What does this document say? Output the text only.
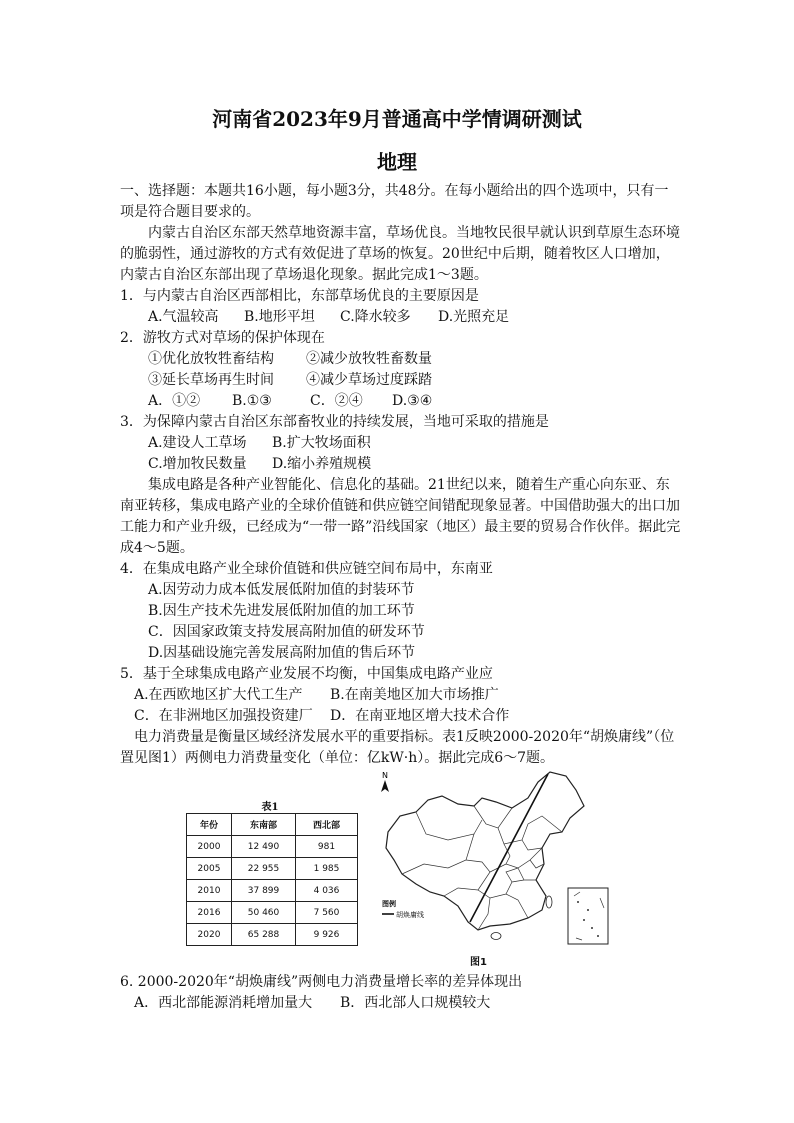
河南省2023年9月普通高中学情调研测试
地理
一、选择题：本题共16小题，每小题3分，共48分。在每小题给出的四个选项中，只有一
项是符合题目要求的。
内蒙古自治区东部天然草地资源丰富，草场优良。当地牧民很早就认识到草原生态环境
的脆弱性，通过游牧的方式有效促进了草场的恢复。20世纪中后期，随着牧区人口增加，
内蒙古自治区东部出现了草场退化现象。据此完成1～3题。
1．与内蒙古自治区西部相比，东部草场优良的主要原因是
A.气温较高 B.地形平坦 C.降水较多 D.光照充足
2．游牧方式对草场的保护体现在
①优化放牧牲畜结构 ②减少放牧牲畜数量
③延长草场再生时间 ④减少草场过度踩踏
A．①② B.①③	C．②④ D.③④
3．为保障内蒙古自治区东部畜牧业的持续发展，当地可采取的措施是
A.建设人工草场 B.扩大牧场面积
C.增加牧民数量 D.缩小养殖规模
集成电路是各种产业智能化、信息化的基础。21世纪以来，随着生产重心向东亚、东
南亚转移，集成电路产业的全球价值链和供应链空间错配现象显著。中国借助强大的出口加
工能力和产业升级，已经成为“一带一路”沿线国家（地区）最主要的贸易合作伙伴。据此完
成4～5题。
4．在集成电路产业全球价值链和供应链空间布局中，东南亚
A.因劳动力成本低发展低附加值的封装环节
B.因生产技术先进发展低附加值的加工环节
C．因国家政策支持发展高附加值的研发环节
D.因基础设施完善发展高附加值的售后环节
5．基于全球集成电路产业发展不均衡，中国集成电路产业应
A.在西欧地区扩大代工生产 B.在南美地区加大市场推广
C．在非洲地区加强投资建厂 D．在南亚地区增大技术合作
电力消费量是衡量区域经济发展水平的重要指标。表1反映2000-2020年“胡焕庸线”（位
置见图1）两侧电力消费量变化（单位：亿kW·h）。据此完成6～7题。
表1
年份	东南部	西北部
2000	12 490	981
2005	22 955	1 985
2010	37 899	4 036
2016	50 460	7 560
2020	65 288	9 926
N
图例
胡焕庸线
图1
6. 2000-2020年“胡焕庸线”两侧电力消费量增长率的差异体现出
A．西北部能源消耗增加量大 B．西北部人口规模较大
